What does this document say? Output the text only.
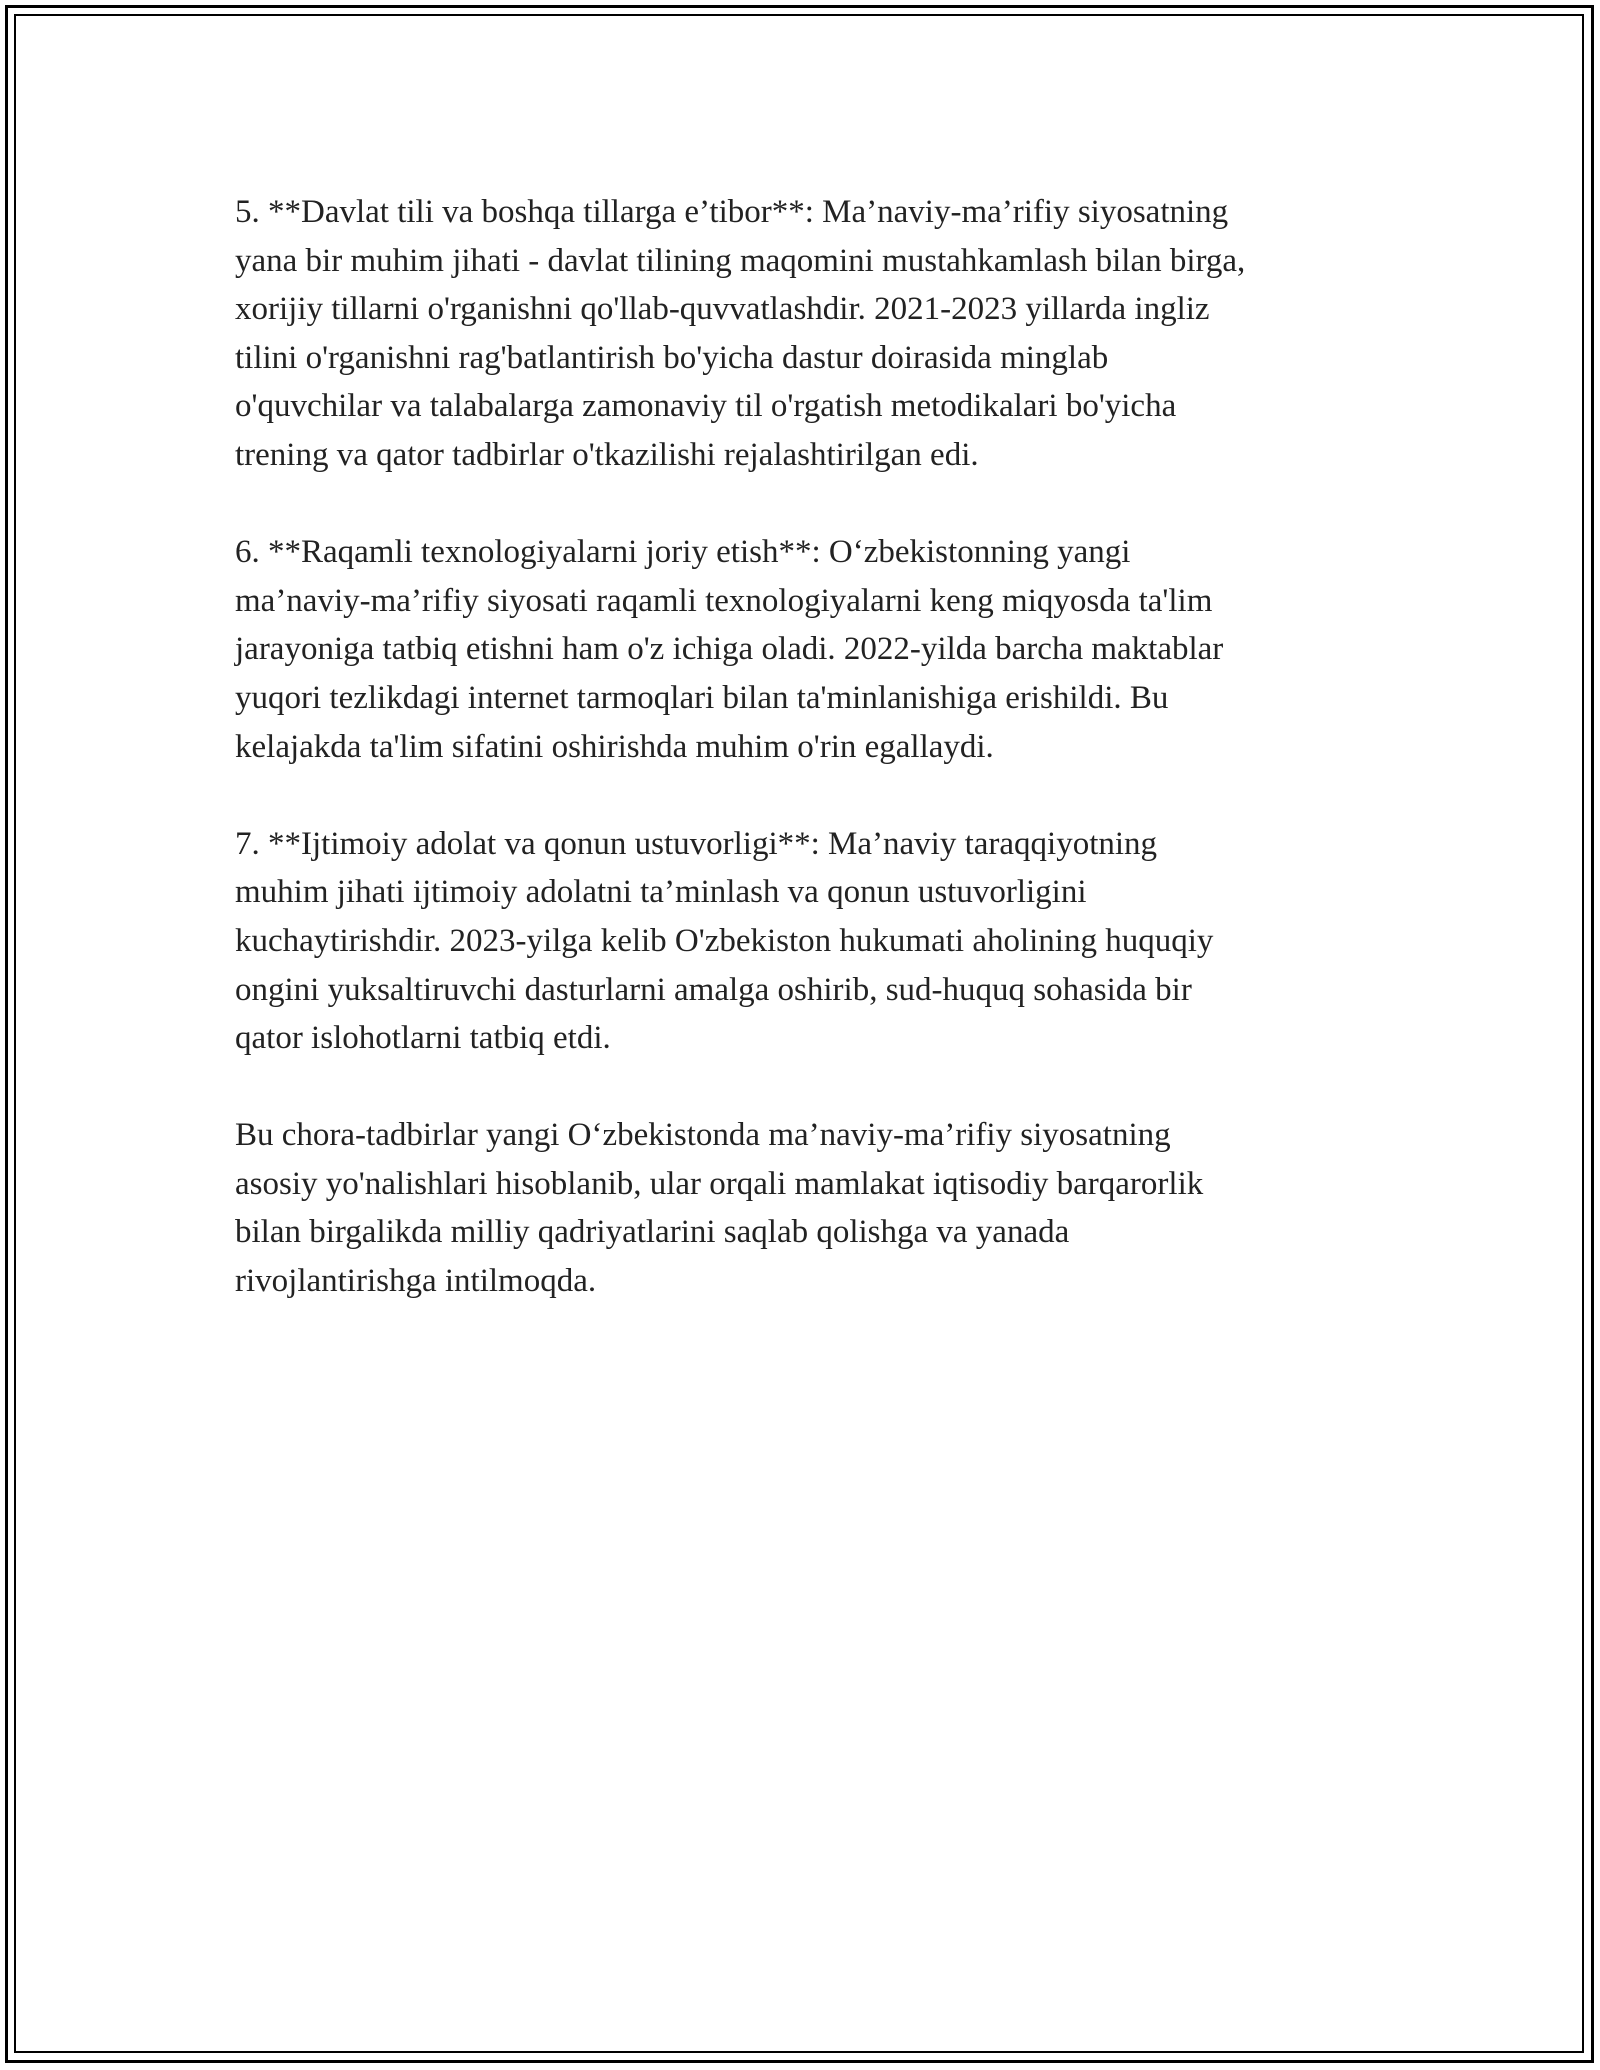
5. **Davlat tili va boshqa tillarga e’tibor**: Ma’naviy-ma’rifiy siyosatning
yana bir muhim jihati - davlat tilining maqomini mustahkamlash bilan birga,
xorijiy tillarni o'rganishni qo'llab-quvvatlashdir. 2021-2023 yillarda ingliz
tilini o'rganishni rag'batlantirish bo'yicha dastur doirasida minglab
o'quvchilar va talabalarga zamonaviy til o'rgatish metodikalari bo'yicha
trening va qator tadbirlar o'tkazilishi rejalashtirilgan edi.

6. **Raqamli texnologiyalarni joriy etish**: O‘zbekistonning yangi
ma’naviy-ma’rifiy siyosati raqamli texnologiyalarni keng miqyosda ta'lim
jarayoniga tatbiq etishni ham o'z ichiga oladi. 2022-yilda barcha maktablar
yuqori tezlikdagi internet tarmoqlari bilan ta'minlanishiga erishildi. Bu
kelajakda ta'lim sifatini oshirishda muhim o'rin egallaydi.

7. **Ijtimoiy adolat va qonun ustuvorligi**: Ma’naviy taraqqiyotning
muhim jihati ijtimoiy adolatni ta’minlash va qonun ustuvorligini
kuchaytirishdir. 2023-yilga kelib O'zbekiston hukumati aholining huquqiy
ongini yuksaltiruvchi dasturlarni amalga oshirib, sud-huquq sohasida bir
qator islohotlarni tatbiq etdi.

Bu chora-tadbirlar yangi O‘zbekistonda ma’naviy-ma’rifiy siyosatning
asosiy yo'nalishlari hisoblanib, ular orqali mamlakat iqtisodiy barqarorlik
bilan birgalikda milliy qadriyatlarini saqlab qolishga va yanada
rivojlantirishga intilmoqda.
